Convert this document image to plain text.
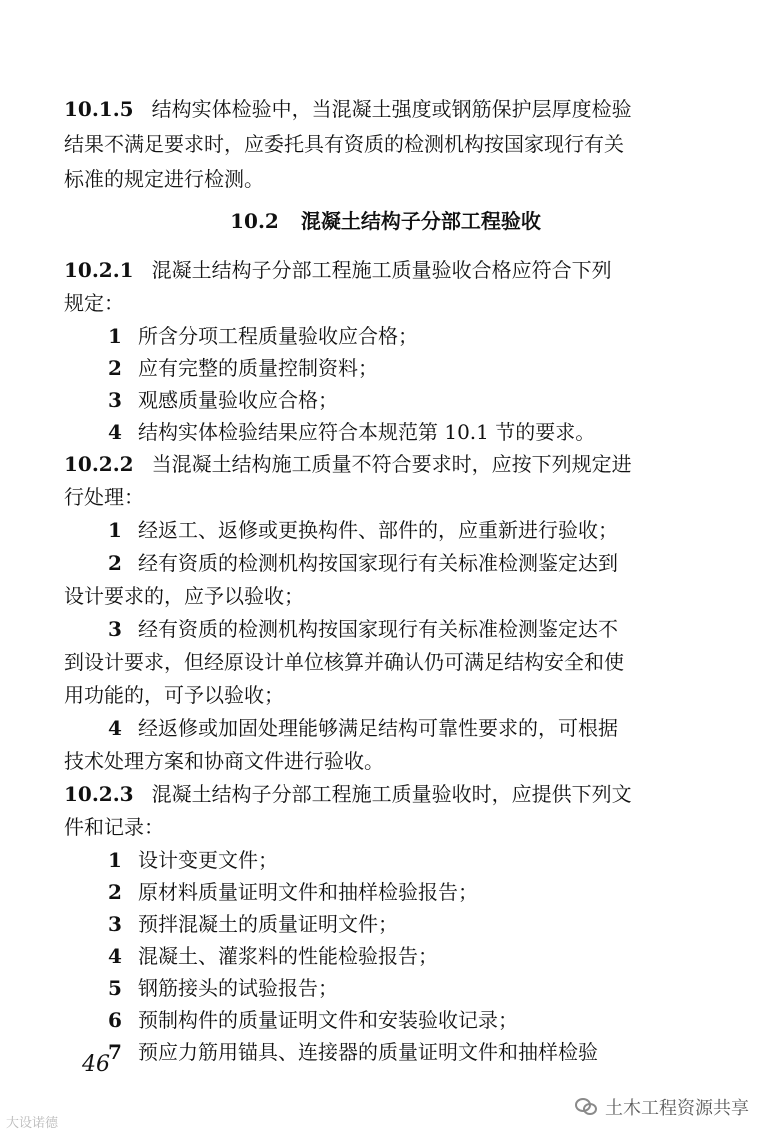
10.1.5 结构实体检验中，当混凝土强度或钢筋保护层厚度检验
结果不满足要求时，应委托具有资质的检测机构按国家现行有关
标准的规定进行检测。
10.2 混凝土结构子分部工程验收
10.2.1 混凝土结构子分部工程施工质量验收合格应符合下列
规定：
1 所含分项工程质量验收应合格；
2 应有完整的质量控制资料；
3 观感质量验收应合格；
4 结构实体检验结果应符合本规范第 10.1 节的要求。
10.2.2 当混凝土结构施工质量不符合要求时，应按下列规定进
行处理：
1 经返工、返修或更换构件、部件的，应重新进行验收；
2 经有资质的检测机构按国家现行有关标准检测鉴定达到
设计要求的，应予以验收；
3 经有资质的检测机构按国家现行有关标准检测鉴定达不
到设计要求，但经原设计单位核算并确认仍可满足结构安全和使
用功能的，可予以验收；
4 经返修或加固处理能够满足结构可靠性要求的，可根据
技术处理方案和协商文件进行验收。
10.2.3 混凝土结构子分部工程施工质量验收时，应提供下列文
件和记录：
1 设计变更文件；
2 原材料质量证明文件和抽样检验报告；
3 预拌混凝土的质量证明文件；
4 混凝土、灌浆料的性能检验报告；
5 钢筋接头的试验报告；
6 预制构件的质量证明文件和安装验收记录；
46
大设诺德
土木工程资源共享
7 预应力筋用锚具、连接器的质量证明文件和抽样检验
